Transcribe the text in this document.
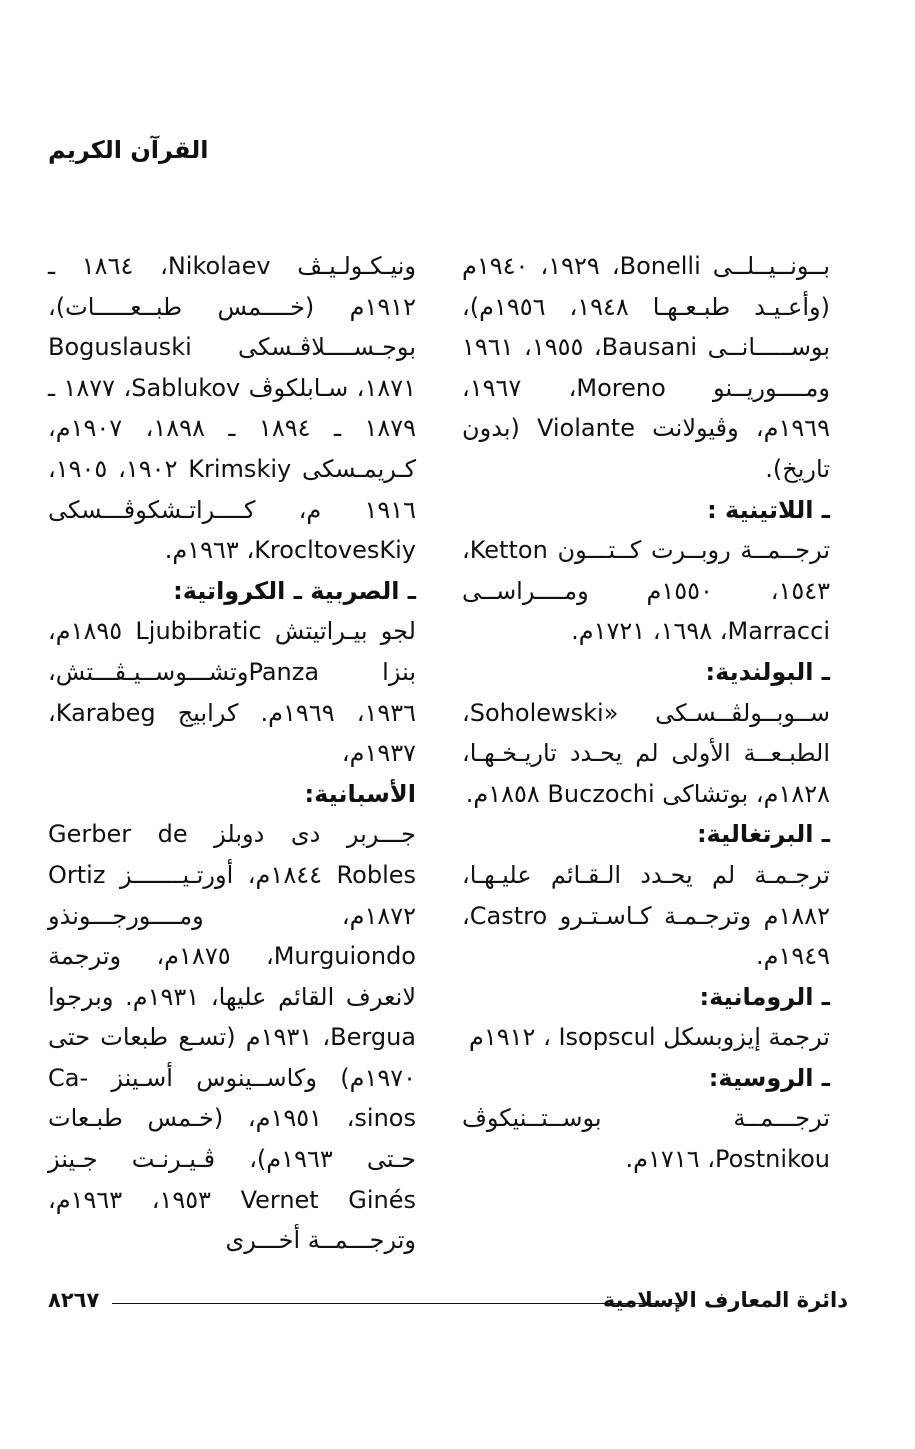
القرآن الكريم

بــونــيــلــى Bonelli، ١٩٢٩، ١٩٤٠م (وأعـيـد طبـعـهـا ١٩٤٨، ١٩٥٦م)، بوســـــانــى Bausani، ١٩٥٥، ١٩٦١ ومــــوريــنو Moreno، ١٩٦٧، ١٩٦٩م، وڤيولانت Violante (بدون تاريخ).

ـ اللاتينية :

ترجــمــة روبــرت كــتـــون Ketton، ١٥٤٣، ١٥٥٠م ومــــراســى Marracci، ١٦٩٨، ١٧٢١م.

ـ البولندية:

ســوبــولڤــسـكى «Soholewski، الطبـعــة الأولى لم يحـدد تاريـخـهـا، ١٨٢٨م، بوتشاكى Buczochi ١٨٥٨م.

ـ البرتغالية:

ترجـمـة لم يحـدد الـقـائم عليـهـا، ١٨٨٢م وترجـمـة كـاسـتـرو Castro، ١٩٤٩م.

ـ الرومانية:

ترجمة إيزوبسكل Isopscul ، ١٩١٢م

ـ الروسية:

ترجـــمــة بوســتــنيكوڤ Postnikou، ١٧١٦م.

ونيـكـولـيـڤ Nikolaev، ١٨٦٤ ـ ١٩١٢م (خــــمس طبــعـــــات)، بوجـســــلاڤـسكى Boguslauski ١٨٧١، سـابلكوڤ Sablukov، ١٨٧٧ ـ ١٨٧٩ ـ ١٨٩٤ ـ ١٨٩٨، ١٩٠٧م، كـريمـسكى Krimskiy ١٩٠٢، ١٩٠٥، ١٩١٦ م، كــــراتـشكوڤـــسكى KrocltovesKiy، ١٩٦٣م.

ـ الصربية ـ الكرواتية:

لجو بيـراتيتش Ljubibratic ١٨٩٥م، بنزا Panzaوتشـــوســيـڤـــتش، ١٩٣٦، ١٩٦٩م. كرابيج Karabeg، ١٩٣٧م،

الأسبانية:

جـــربر دى دوبلز Gerber de Robles ١٨٤٤م، أورتـيـــــــز Ortiz ١٨٧٢م، ومــــورجـــونذو Murguiondo، ١٨٧٥م، وترجمة لانعرف القائم عليها، ١٩٣١م. وبرجوا Bergua، ١٩٣١م (تسـع طبعات حتى ١٩٧٠م) وكاســينوس أسـينز Ca-sinos، ١٩٥١م، (خـمس طبـعات حـتى ١٩٦٣م)، ڤـيـرنـت جـينز Vernet Ginés ١٩٥٣، ١٩٦٣م، وترجـــمــة أخـــرى

٨٢٦٧	دائرة المعارف الإسلامية
